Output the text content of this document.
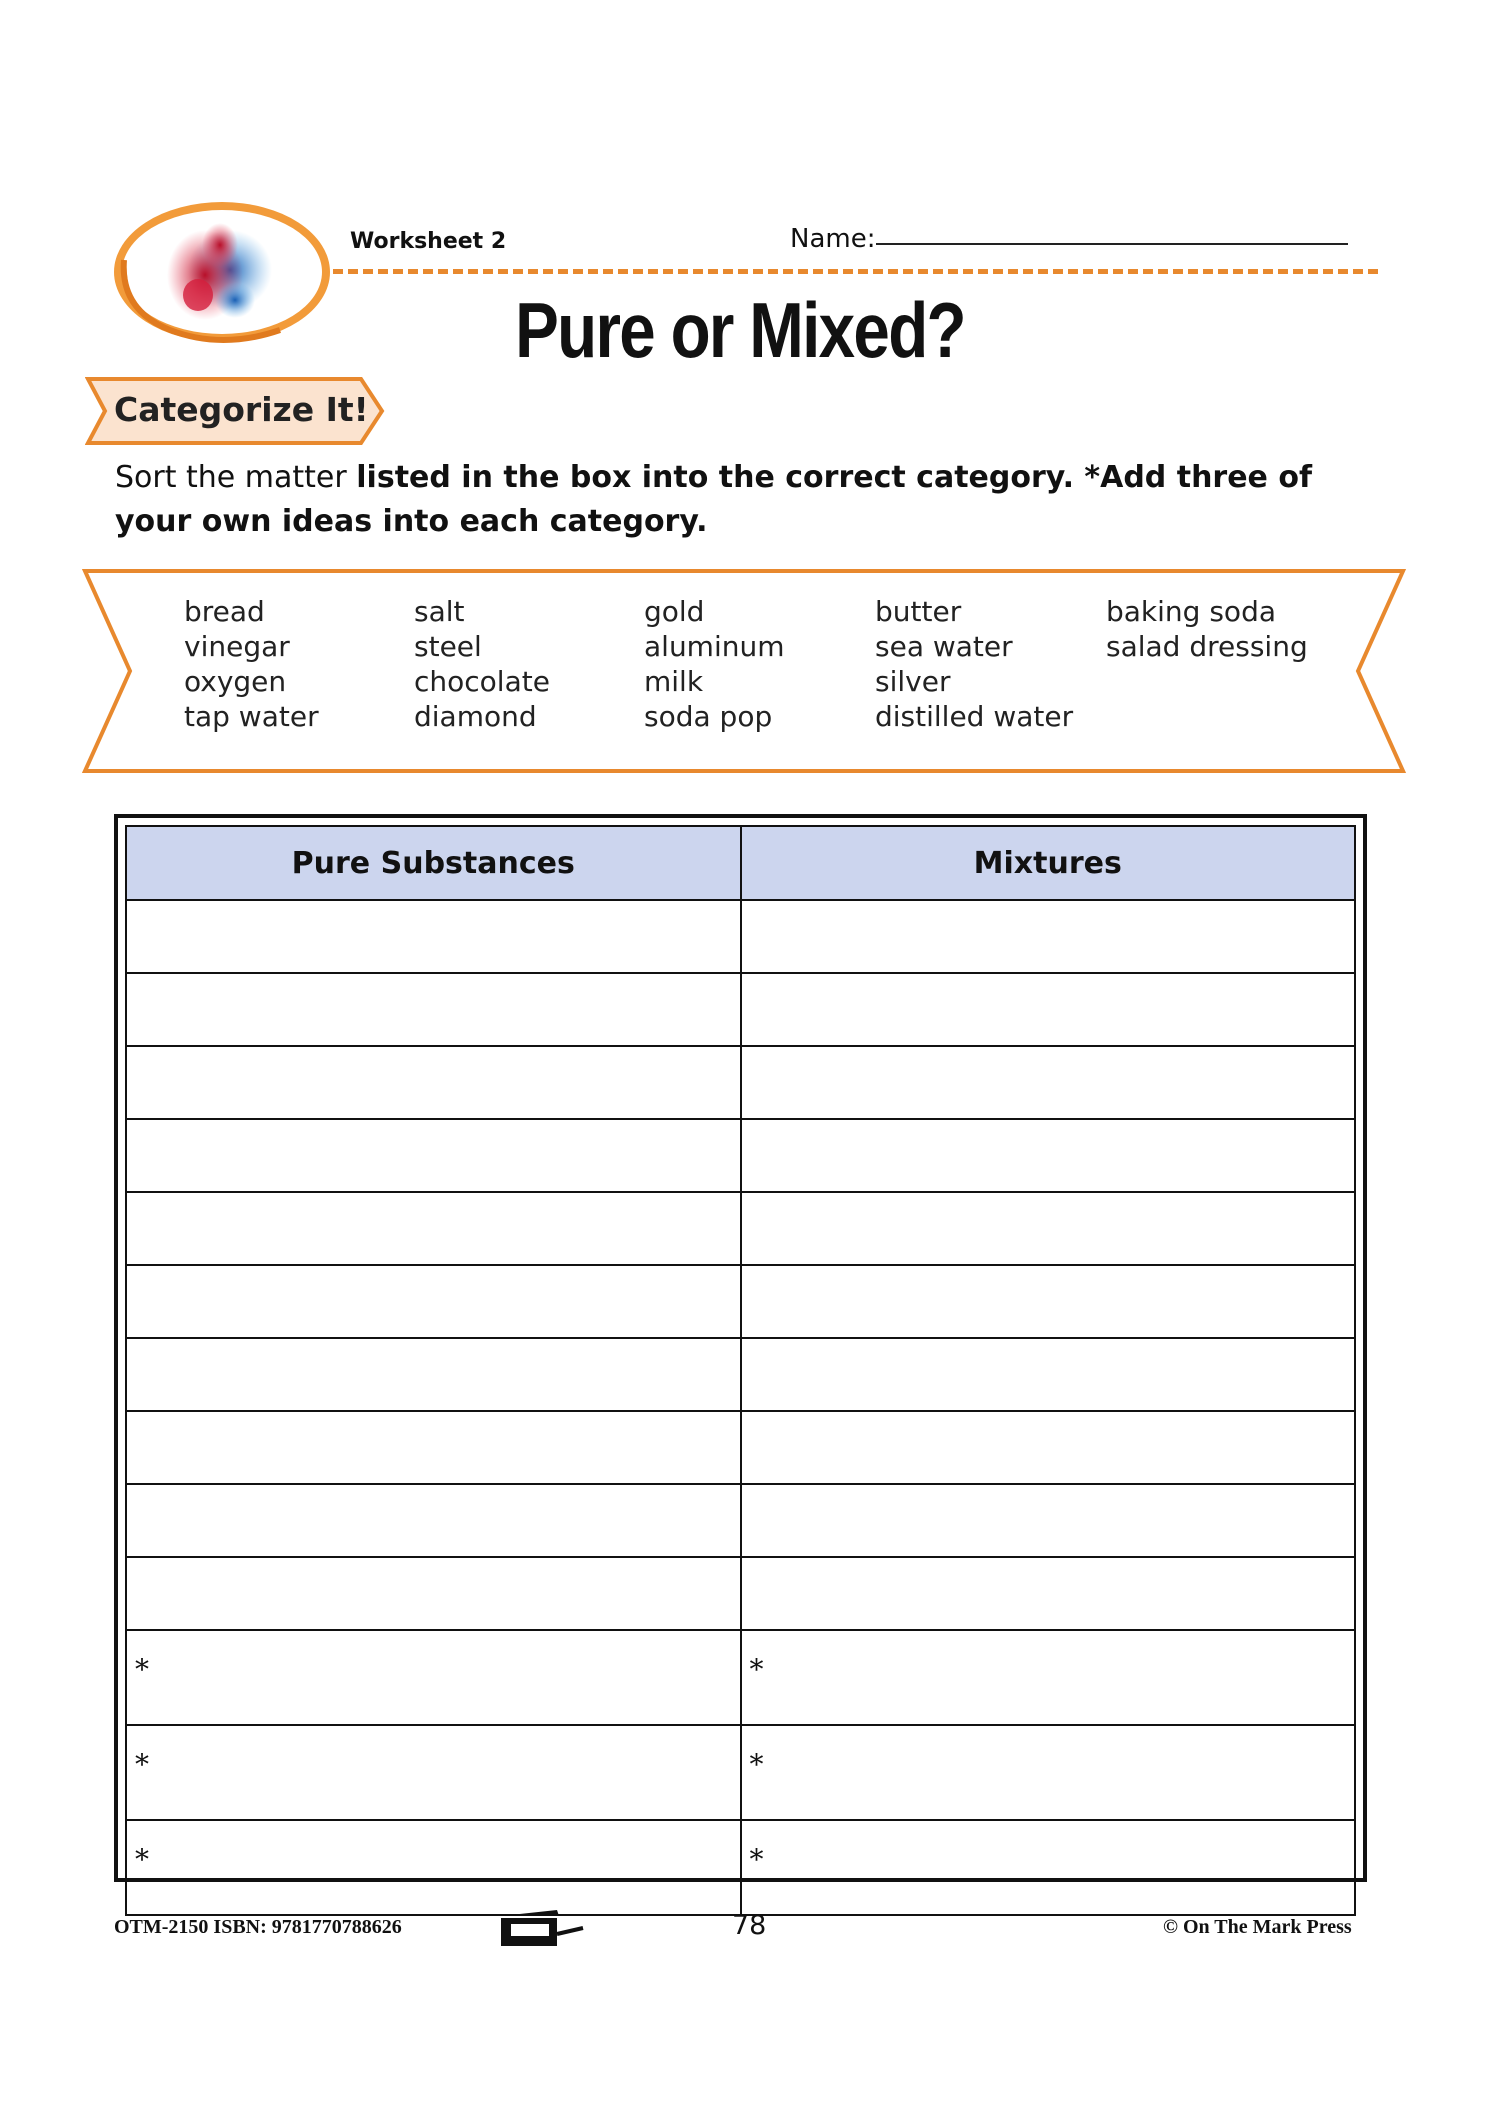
Worksheet 2	Name:
Pure or Mixed?
Categorize It!
Sort the matter listed in the box into the correct category. *Add three of your own ideas into each category.
bread
vinegar
oxygen
tap water
salt
steel
chocolate
diamond
gold
aluminum
milk
soda pop
butter
sea water
silver
distilled water
baking soda
salad dressing
Pure Substances	Mixtures

*	*
*	*
*	*
OTM-2150 ISBN: 9781770788626	78	© On The Mark Press
